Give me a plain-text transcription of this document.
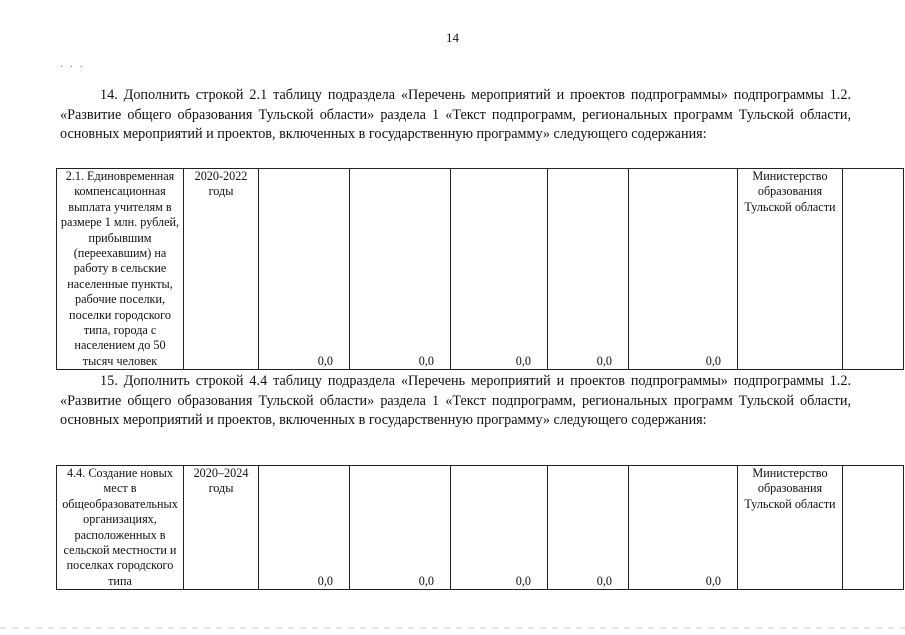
14
· · ·

14. Дополнить строкой 2.1 таблицу подраздела «Перечень мероприятий и проектов подпрограммы» подпрограммы 1.2. «Развитие общего образования Тульской области» раздела 1 «Текст подпрограмм, региональных программ Тульской области, основных мероприятий и проектов, включенных в государственную программу» следующего содержания:

2.1. Единовременная компенсационная выплата учителям в размере 1 млн. рублей, прибывшим (переехавшим) на работу в сельские населенные пункты, рабочие поселки, поселки городского типа, города с населением до 50 тысяч человек	2020-2022 годы	0,0	0,0	0,0	0,0	0,0	Министерство образования Тульской области	

15. Дополнить строкой 4.4 таблицу подраздела «Перечень мероприятий и проектов подпрограммы» подпрограммы 1.2. «Развитие общего образования Тульской области» раздела 1 «Текст подпрограмм, региональных программ Тульской области, основных мероприятий и проектов, включенных в государственную программу» следующего содержания:

4.4. Создание новых мест в общеобразовательных организациях, расположенных в сельской местности и поселках городского типа	2020–2024 годы	0,0	0,0	0,0	0,0	0,0	Министерство образования Тульской области	
